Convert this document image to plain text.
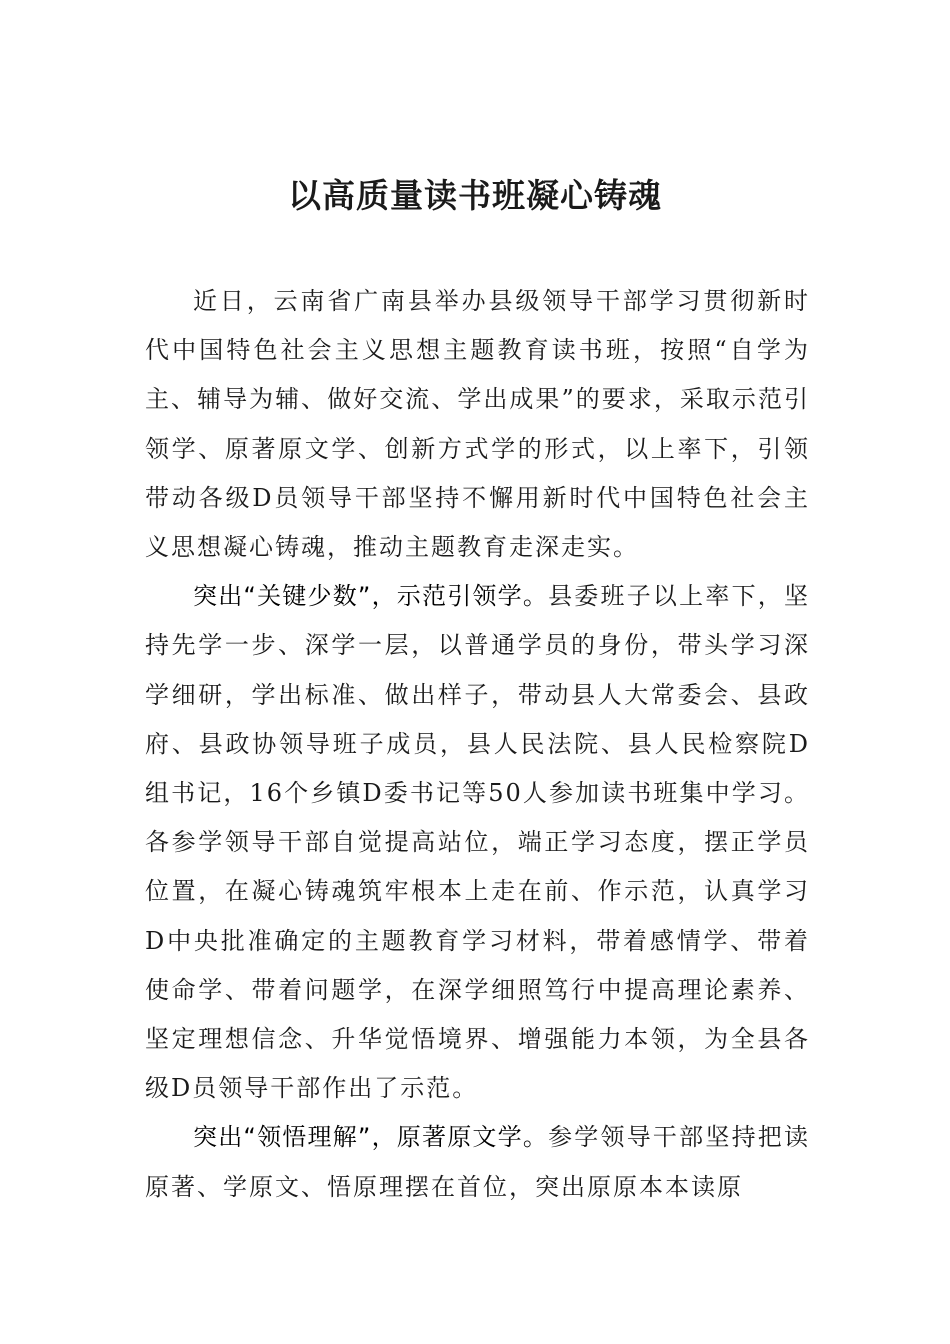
以高质量读书班凝心铸魂

近日，云南省广南县举办县级领导干部学习贯彻新时代中国特色社会主义思想主题教育读书班，按照“自学为主、辅导为辅、做好交流、学出成果”的要求，采取示范引领学、原著原文学、创新方式学的形式，以上率下，引领带动各级D员领导干部坚持不懈用新时代中国特色社会主义思想凝心铸魂，推动主题教育走深走实。

突出“关键少数”，示范引领学。县委班子以上率下，坚持先学一步、深学一层，以普通学员的身份，带头学习深学细研，学出标准、做出样子，带动县人大常委会、县政府、县政协领导班子成员，县人民法院、县人民检察院D组书记，16个乡镇D委书记等50人参加读书班集中学习。各参学领导干部自觉提高站位，端正学习态度，摆正学员位置，在凝心铸魂筑牢根本上走在前、作示范，认真学习D中央批准确定的主题教育学习材料，带着感情学、带着使命学、带着问题学，在深学细照笃行中提高理论素养、坚定理想信念、升华觉悟境界、增强能力本领，为全县各级D员领导干部作出了示范。

突出“领悟理解”，原著原文学。参学领导干部坚持把读原著、学原文、悟原理摆在首位，突出原原本本读原
